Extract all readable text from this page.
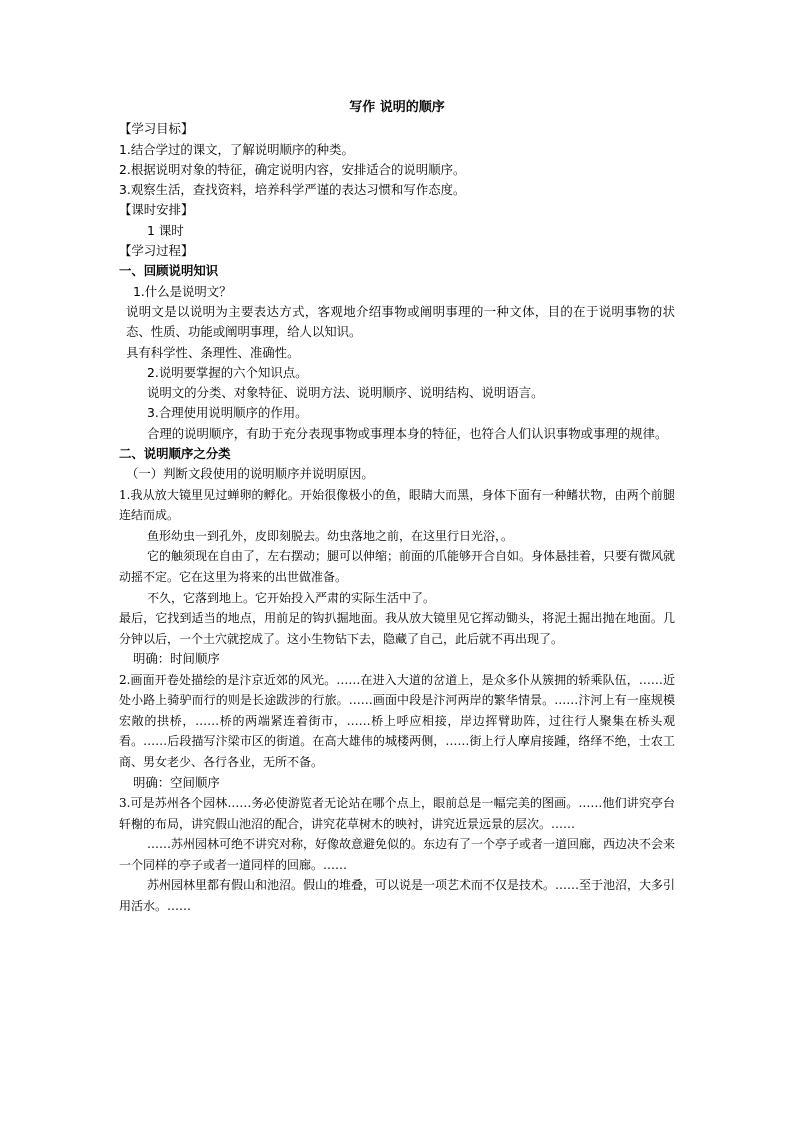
写作 说明的顺序
【学习目标】
1.结合学过的课文，了解说明顺序的种类。
2.根据说明对象的特征，确定说明内容，安排适合的说明顺序。
3.观察生活，查找资料，培养科学严谨的表达习惯和写作态度。
【课时安排】
1 课时
【学习过程】
一、回顾说明知识
1.什么是说明文？
说明文是以说明为主要表达方式，客观地介绍事物或阐明事理的一种文体，目的在于说明事物的状态、性质、功能或阐明事理，给人以知识。
具有科学性、条理性、准确性。
2.说明要掌握的六个知识点。
说明文的分类、对象特征、说明方法、说明顺序、说明结构、说明语言。
3.合理使用说明顺序的作用。
合理的说明顺序，有助于充分表现事物或事理本身的特征，也符合人们认识事物或事理的规律。
二、说明顺序之分类
（一）判断文段使用的说明顺序并说明原因。
1.我从放大镜里见过蝉卵的孵化。开始很像极小的鱼，眼睛大而黑，身体下面有一种鳍状物，由两个前腿连结而成。
鱼形幼虫一到孔外，皮即刻脱去。幼虫落地之前，在这里行日光浴，。
它的触须现在自由了，左右摆动；腿可以伸缩；前面的爪能够开合自如。身体悬挂着，只要有微风就动摇不定。它在这里为将来的出世做准备。
不久，它落到地上。它开始投入严肃的实际生活中了。
最后，它找到适当的地点，用前足的钩扒掘地面。我从放大镜里见它挥动锄头，将泥土掘出抛在地面。几分钟以后，一个土穴就挖成了。这小生物钻下去，隐藏了自己，此后就不再出现了。
明确：时间顺序
2.画面开卷处描绘的是汴京近郊的风光。……在进入大道的岔道上，是众多仆从簇拥的轿乘队伍，……近处小路上骑驴而行的则是长途跋涉的行旅。……画面中段是汴河两岸的繁华情景。……汴河上有一座规模宏敞的拱桥，……桥的两端紧连着街市，……桥上呼应相接，岸边挥臂助阵，过往行人聚集在桥头观看。……后段描写汴梁市区的街道。在高大雄伟的城楼两侧，……街上行人摩肩接踵，络绎不绝，士农工商、男女老少、各行各业，无所不备。
明确：空间顺序
3.可是苏州各个园林……务必使游览者无论站在哪个点上，眼前总是一幅完美的图画。……他们讲究亭台轩榭的布局，讲究假山池沼的配合，讲究花草树木的映衬，讲究近景远景的层次。……
……苏州园林可绝不讲究对称，好像故意避免似的。东边有了一个亭子或者一道回廊，西边决不会来一个同样的亭子或者一道同样的回廊。……
苏州园林里都有假山和池沼。假山的堆叠，可以说是一项艺术而不仅是技术。……至于池沼，大多引用活水。……
